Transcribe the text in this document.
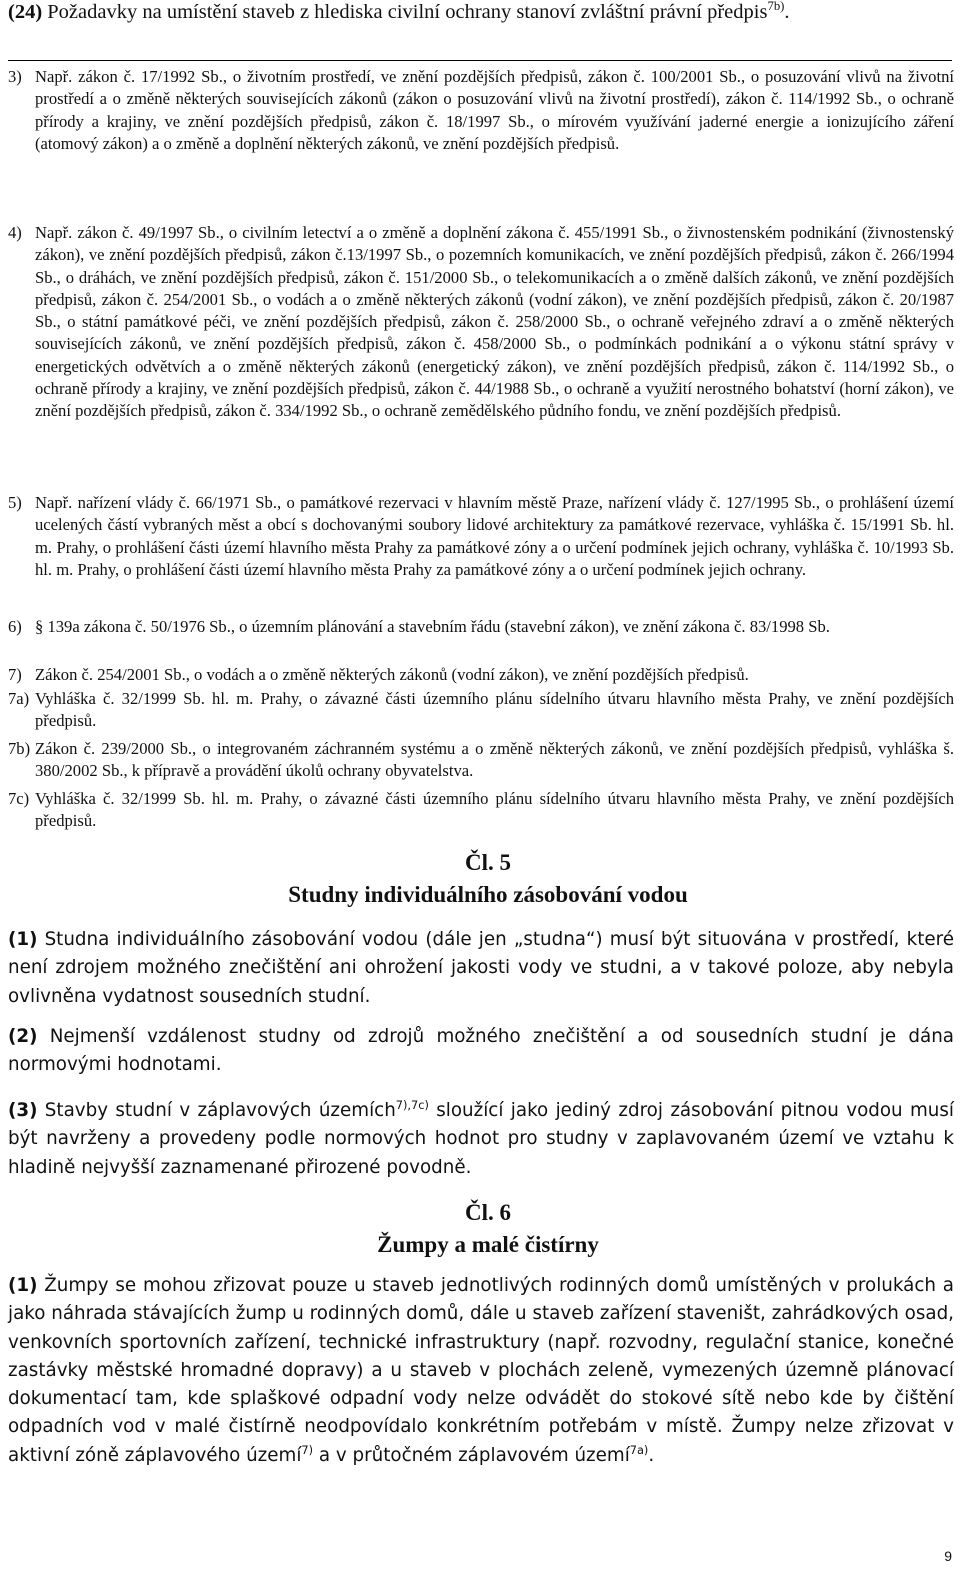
(24) Požadavky na umístění staveb z hlediska civilní ochrany stanoví zvláštní právní předpis$^{7b)}$.
3) Např. zákon č. 17/1992 Sb., o životním prostředí, ve znění pozdějších předpisů, zákon č. 100/2001 Sb., o posuzování vlivů na životní prostředí a o změně některých souvisejících zákonů (zákon o posuzování vlivů na životní prostředí), zákon č. 114/1992 Sb., o ochraně přírody a krajiny, ve znění pozdějších předpisů, zákon č. 18/1997 Sb., o mírovém využívání jaderné energie a ionizujícího záření (atomový zákon) a o změně a doplnění některých zákonů, ve znění pozdějších předpisů.
4) Např. zákon č. 49/1997 Sb., o civilním letectví a o změně a doplnění zákona č. 455/1991 Sb., o živnostenském podnikání (živnostenský zákon), ve znění pozdějších předpisů, zákon č.13/1997 Sb., o pozemních komunikacích, ve znění pozdějších předpisů, zákon č. 266/1994 Sb., o dráhách, ve znění pozdějších předpisů, zákon č. 151/2000 Sb., o telekomunikacích a o změně dalších zákonů, ve znění pozdějších předpisů, zákon č. 254/2001 Sb., o vodách a o změně některých zákonů (vodní zákon), ve znění pozdějších předpisů, zákon č. 20/1987 Sb., o státní památkové péči, ve znění pozdějších předpisů, zákon č. 258/2000 Sb., o ochraně veřejného zdraví a o změně některých souvisejících zákonů, ve znění pozdějších předpisů, zákon č. 458/2000 Sb., o podmínkách podnikání a o výkonu státní správy v energetických odvětvích a o změně některých zákonů (energetický zákon), ve znění pozdějších předpisů, zákon č. 114/1992 Sb., o ochraně přírody a krajiny, ve znění pozdějších předpisů, zákon č. 44/1988 Sb., o ochraně a využití nerostného bohatství (horní zákon), ve znění pozdějších předpisů, zákon č. 334/1992 Sb., o ochraně zemědělského půdního fondu, ve znění pozdějších předpisů.
5) Např. nařízení vlády č. 66/1971 Sb., o památkové rezervaci v hlavním městě Praze, nařízení vlády č. 127/1995 Sb., o prohlášení území ucelených částí vybraných měst a obcí s dochovanými soubory lidové architektury za památkové rezervace, vyhláška č. 15/1991 Sb. hl. m. Prahy, o prohlášení části území hlavního města Prahy za památkové zóny a o určení podmínek jejich ochrany, vyhláška č. 10/1993 Sb. hl. m. Prahy, o prohlášení části území hlavního města Prahy za památkové zóny a o určení podmínek jejich ochrany.
6) § 139a zákona č. 50/1976 Sb., o územním plánování a stavebním řádu (stavební zákon), ve znění zákona č. 83/1998 Sb.
7) Zákon č. 254/2001 Sb., o vodách a o změně některých zákonů (vodní zákon), ve znění pozdějších předpisů.
7a) Vyhláška č. 32/1999 Sb. hl. m. Prahy, o závazné části územního plánu sídelního útvaru hlavního města Prahy, ve znění pozdějších předpisů.
7b) Zákon č. 239/2000 Sb., o integrovaném záchranném systému a o změně některých zákonů, ve znění pozdějších předpisů, vyhláška š. 380/2002 Sb., k přípravě a provádění úkolů ochrany obyvatelstva.
7c) Vyhláška č. 32/1999 Sb. hl. m. Prahy, o závazné části územního plánu sídelního útvaru hlavního města Prahy, ve znění pozdějších předpisů.
Čl. 5
Studny individuálního zásobování vodou
(1) Studna individuálního zásobování vodou (dále jen „studna“) musí být situována v prostředí, které není zdrojem možného znečištění ani ohrožení jakosti vody ve studni, a v takové poloze, aby nebyla ovlivněna vydatnost sousedních studní.
(2) Nejmenší vzdálenost studny od zdrojů možného znečištění a od sousedních studní je dána normovými hodnotami.
(3) Stavby studní v záplavových územích$^{7),7c)}$ sloužící jako jediný zdroj zásobování pitnou vodou musí být navrženy a provedeny podle normových hodnot pro studny v zaplavovaném území ve vztahu k hladině nejvyšší zaznamenané přirozené povodně.
Čl. 6
Žumpy a malé čistírny
(1) Žumpy se mohou zřizovat pouze u staveb jednotlivých rodinných domů umístěných v prolukách a jako náhrada stávajících žump u rodinných domů, dále u staveb zařízení staveništ, zahrádkových osad, venkovních sportovních zařízení, technické infrastruktury (např. rozvodny, regulační stanice, konečné zastávky městské hromadné dopravy) a u staveb v plochách zeleně, vymezených územně plánovací dokumentací tam, kde splaškové odpadní vody nelze odvádět do stokové sítě nebo kde by čištění odpadních vod v malé čistírně neodpovídalo konkrétním potřebám v místě. Žumpy nelze zřizovat v aktivní zóně záplavového území$^{7)}$ a v průtočném záplavovém území$^{7a)}$.
9
